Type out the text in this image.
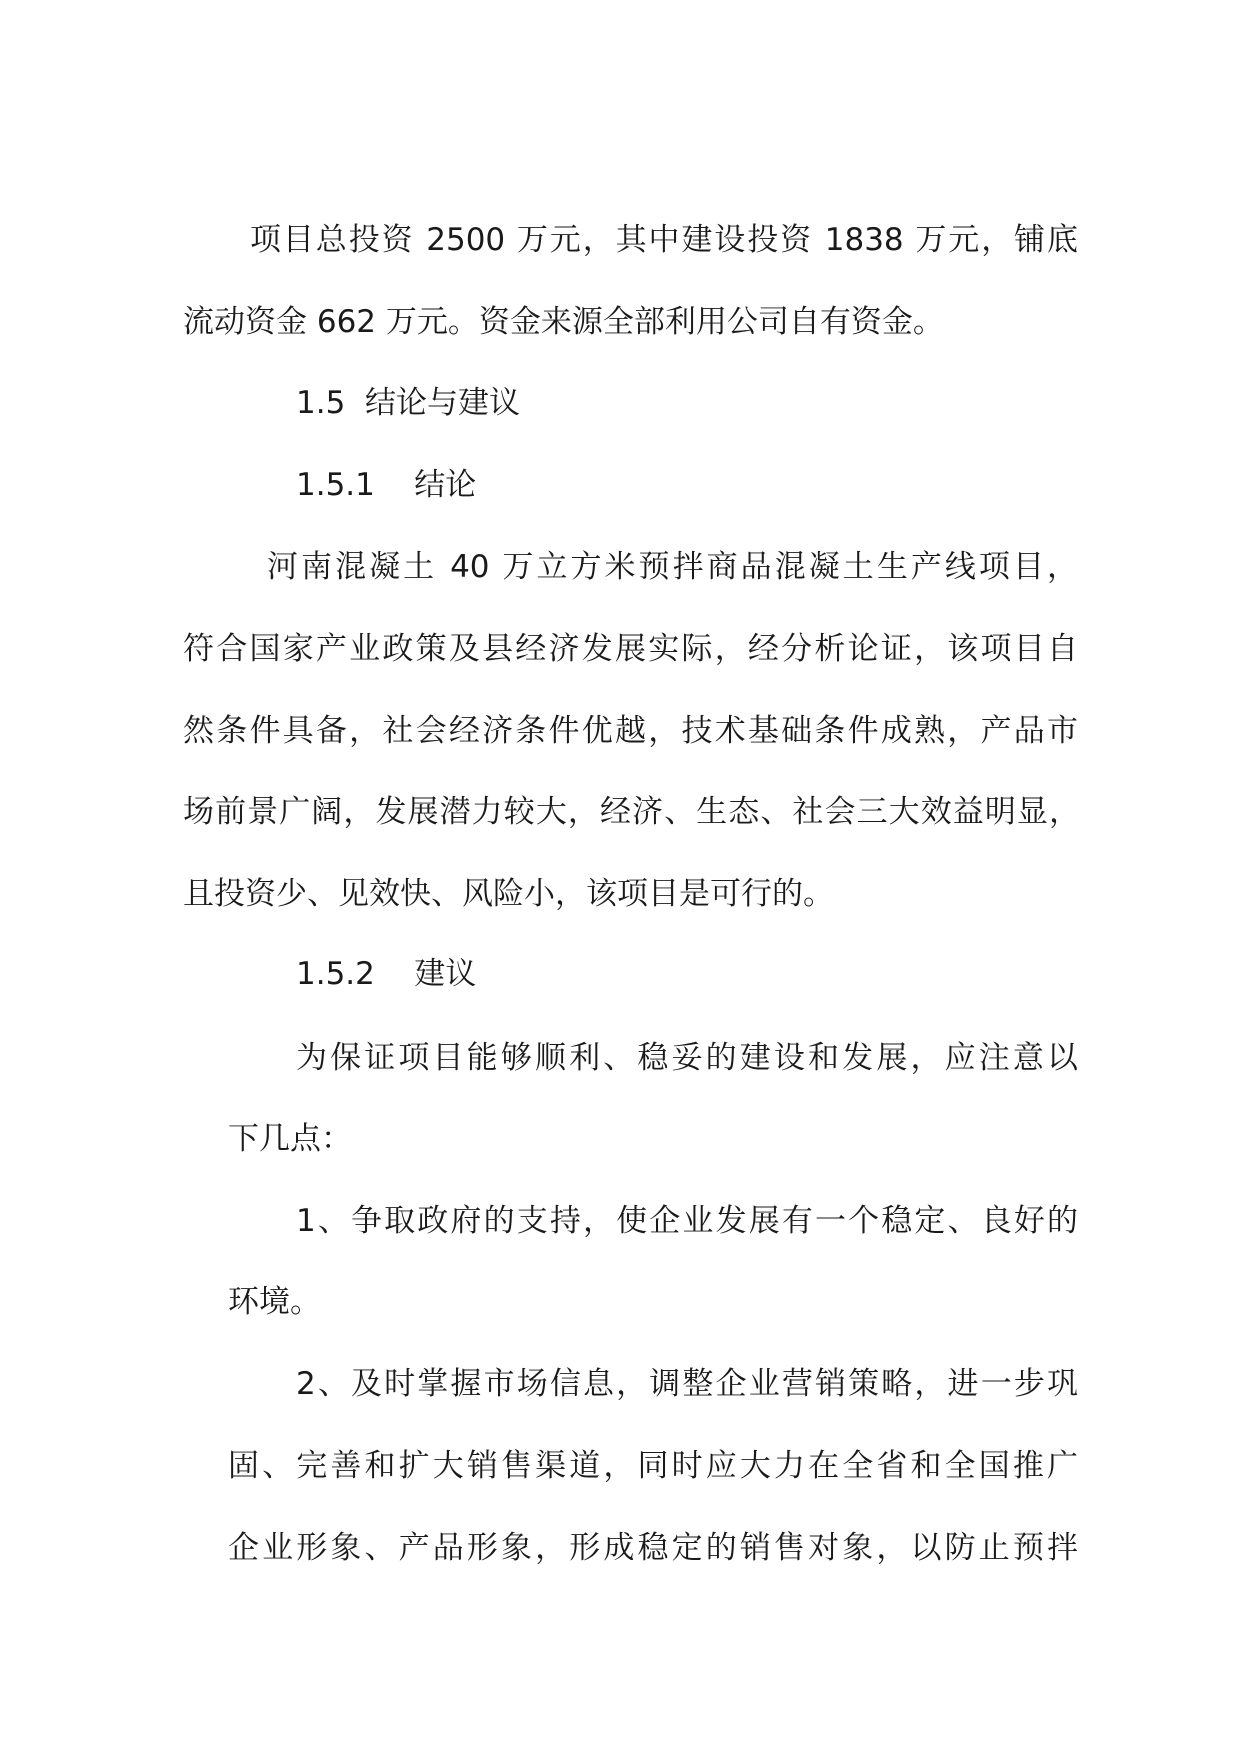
项目总投资 2500 万元，其中建设投资 1838 万元，铺底
流动资金 662 万元。资金来源全部利用公司自有资金。
1.5  结论与建议
1.5.1    结论
河南混凝土 40 万立方米预拌商品混凝土生产线项目，
符合国家产业政策及县经济发展实际，经分析论证，该项目自
然条件具备，社会经济条件优越，技术基础条件成熟，产品市
场前景广阔，发展潜力较大，经济、生态、社会三大效益明显，
且投资少、见效快、风险小，该项目是可行的。
1.5.2    建议
为保证项目能够顺利、稳妥的建设和发展，应注意以
下几点：
1、争取政府的支持，使企业发展有一个稳定、良好的
环境。
2、及时掌握市场信息，调整企业营销策略，进一步巩
固、完善和扩大销售渠道，同时应大力在全省和全国推广
企业形象、产品形象，形成稳定的销售对象，以防止预拌
